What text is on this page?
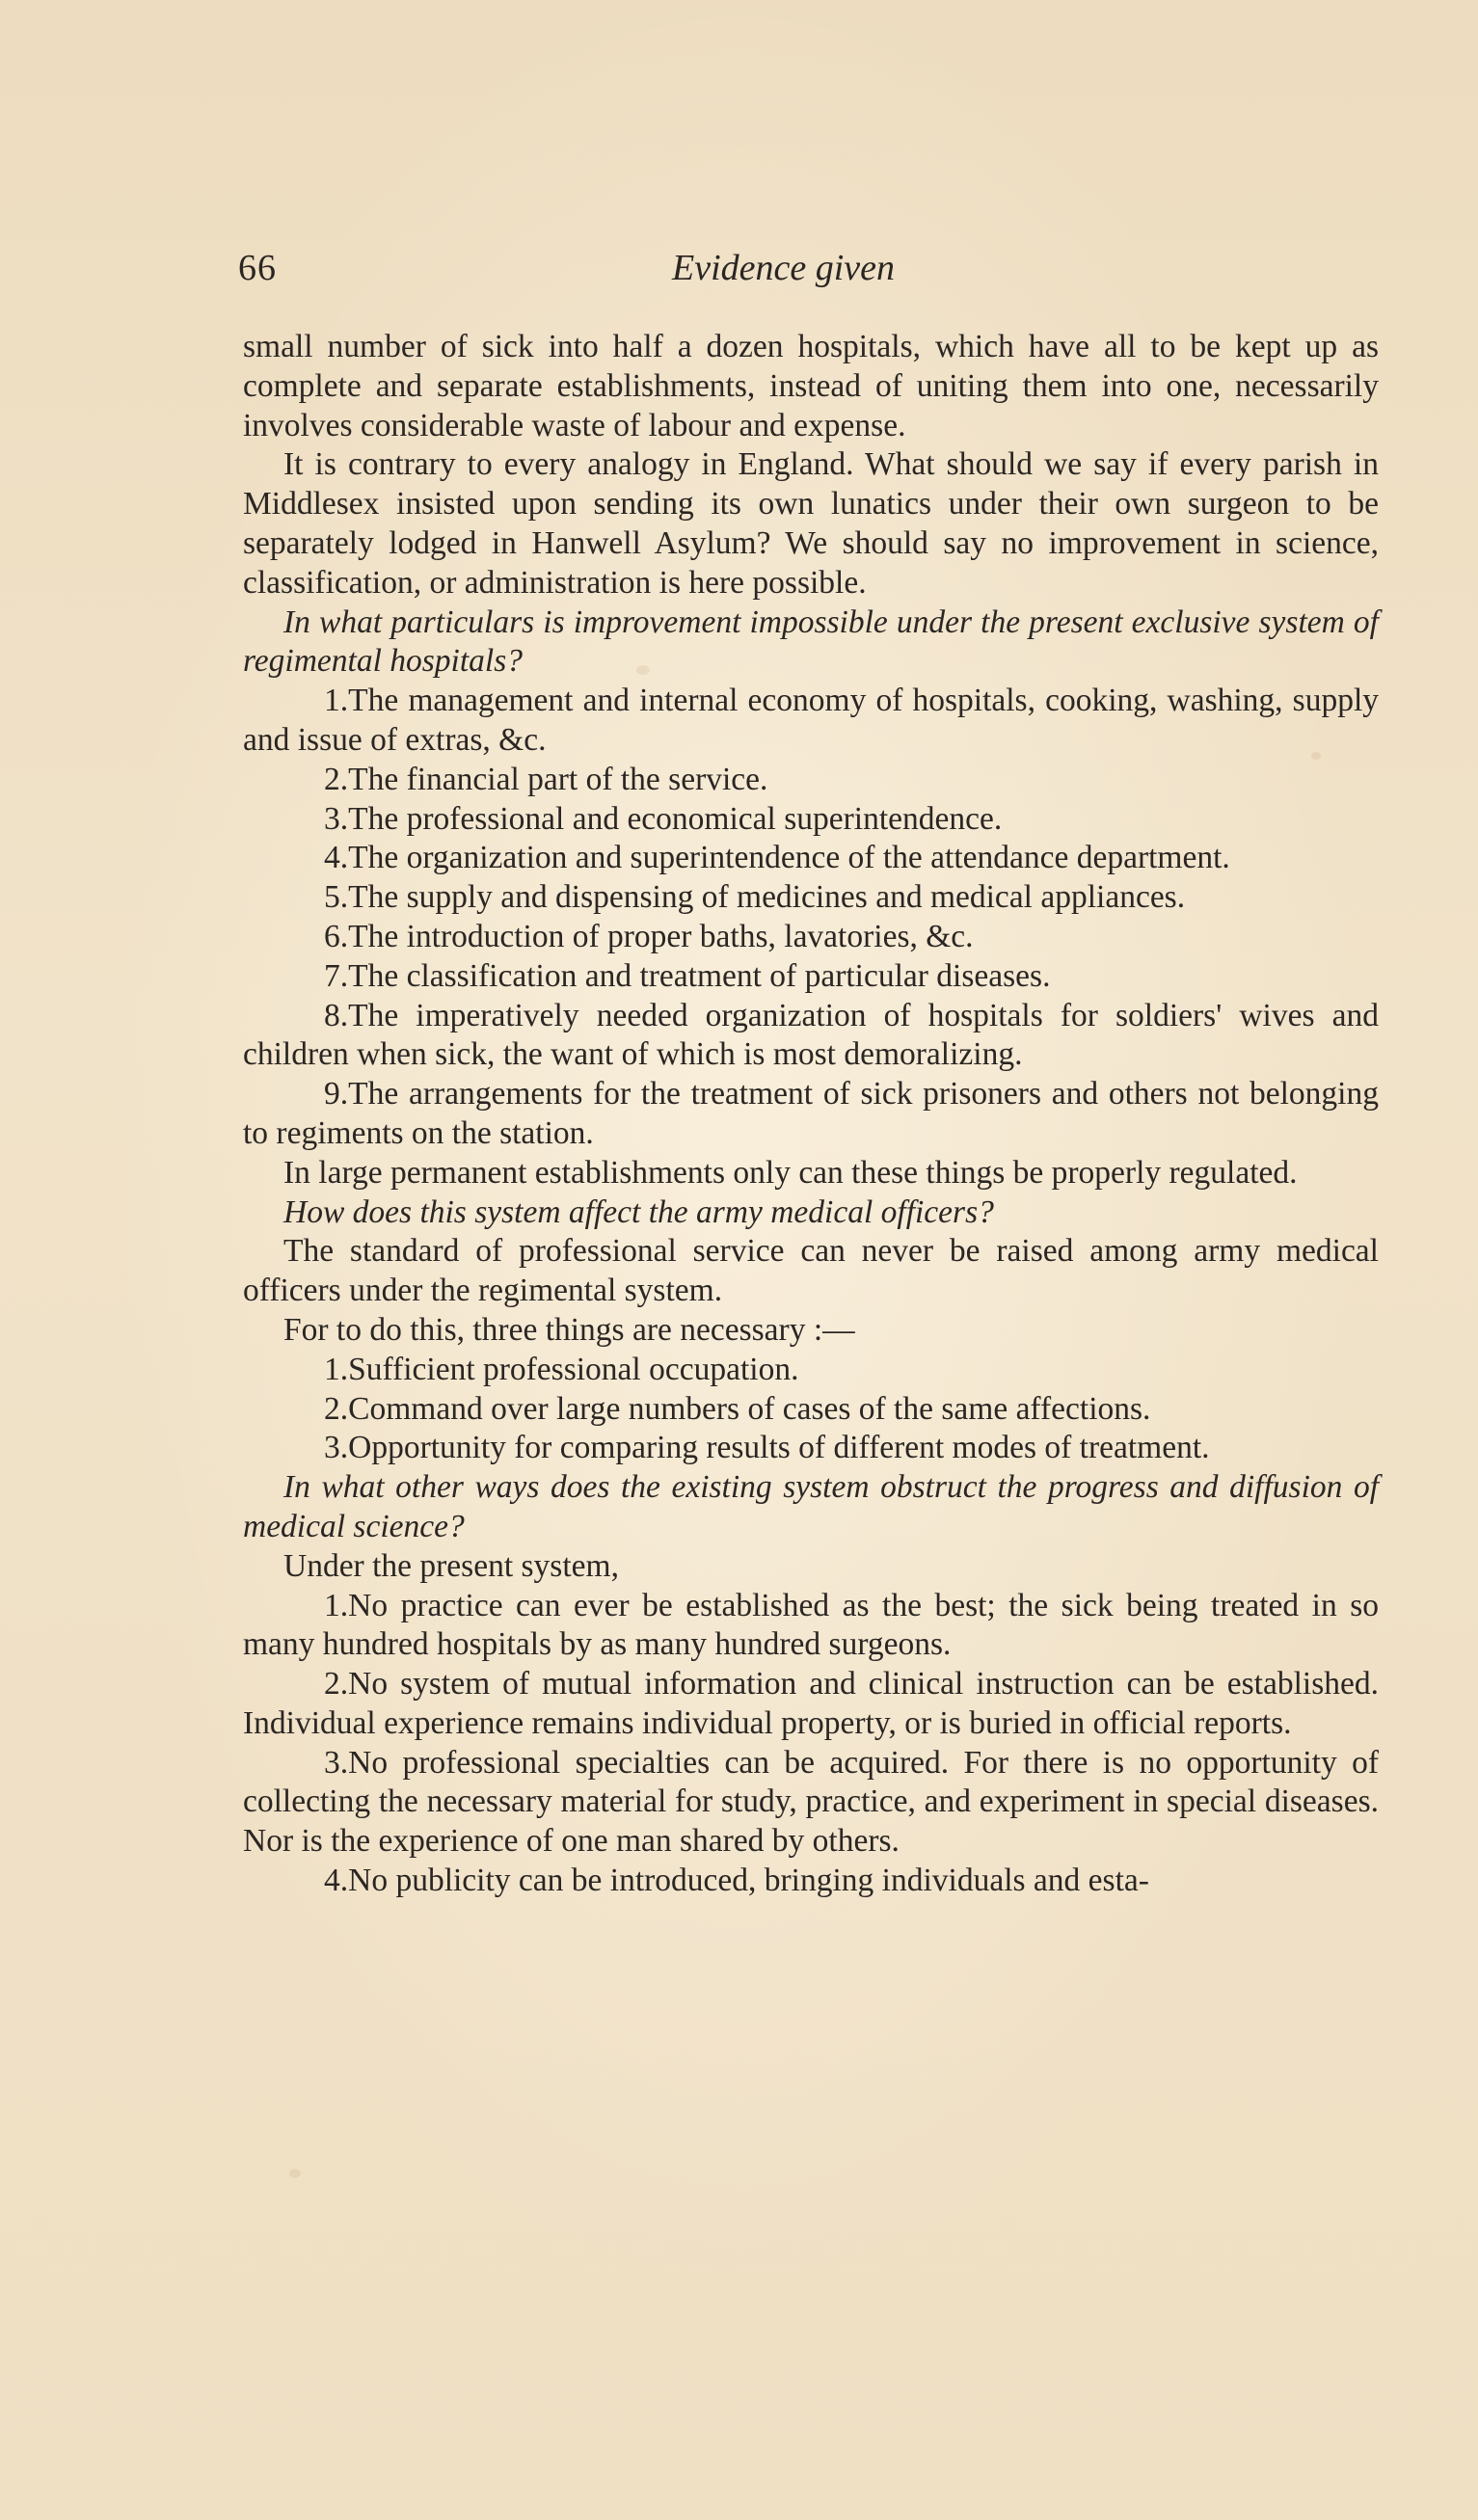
66	Evidence given

small number of sick into half a dozen hospitals, which have all to be kept up as complete and separate establishments, instead of uniting them into one, necessarily involves considerable waste of labour and expense.

It is contrary to every analogy in England. What should we say if every parish in Middlesex insisted upon sending its own lunatics under their own surgeon to be separately lodged in Hanwell Asylum? We should say no improvement in science, classification, or administration is here possible.

In what particulars is improvement impossible under the present exclusive system of regimental hospitals?

1.The management and internal economy of hospitals, cooking, washing, supply and issue of extras, &c.

2.The financial part of the service.

3.The professional and economical superintendence.

4.The organization and superintendence of the attendance department.

5.The supply and dispensing of medicines and medical appliances.

6.The introduction of proper baths, lavatories, &c.

7.The classification and treatment of particular diseases.

8.The imperatively needed organization of hospitals for soldiers' wives and children when sick, the want of which is most demoralizing.

9.The arrangements for the treatment of sick prisoners and others not belonging to regiments on the station.

In large permanent establishments only can these things be properly regulated.

How does this system affect the army medical officers?

The standard of professional service can never be raised among army medical officers under the regimental system.

For to do this, three things are necessary :—

1.Sufficient professional occupation.

2.Command over large numbers of cases of the same affections.

3.Opportunity for comparing results of different modes of treatment.

In what other ways does the existing system obstruct the progress and diffusion of medical science?

Under the present system,

1.No practice can ever be established as the best; the sick being treated in so many hundred hospitals by as many hundred surgeons.

2.No system of mutual information and clinical instruction can be established. Individual experience remains individual property, or is buried in official reports.

3.No professional specialties can be acquired. For there is no opportunity of collecting the necessary material for study, practice, and experiment in special diseases. Nor is the experience of one man shared by others.

4.No publicity can be introduced, bringing individuals and esta-
